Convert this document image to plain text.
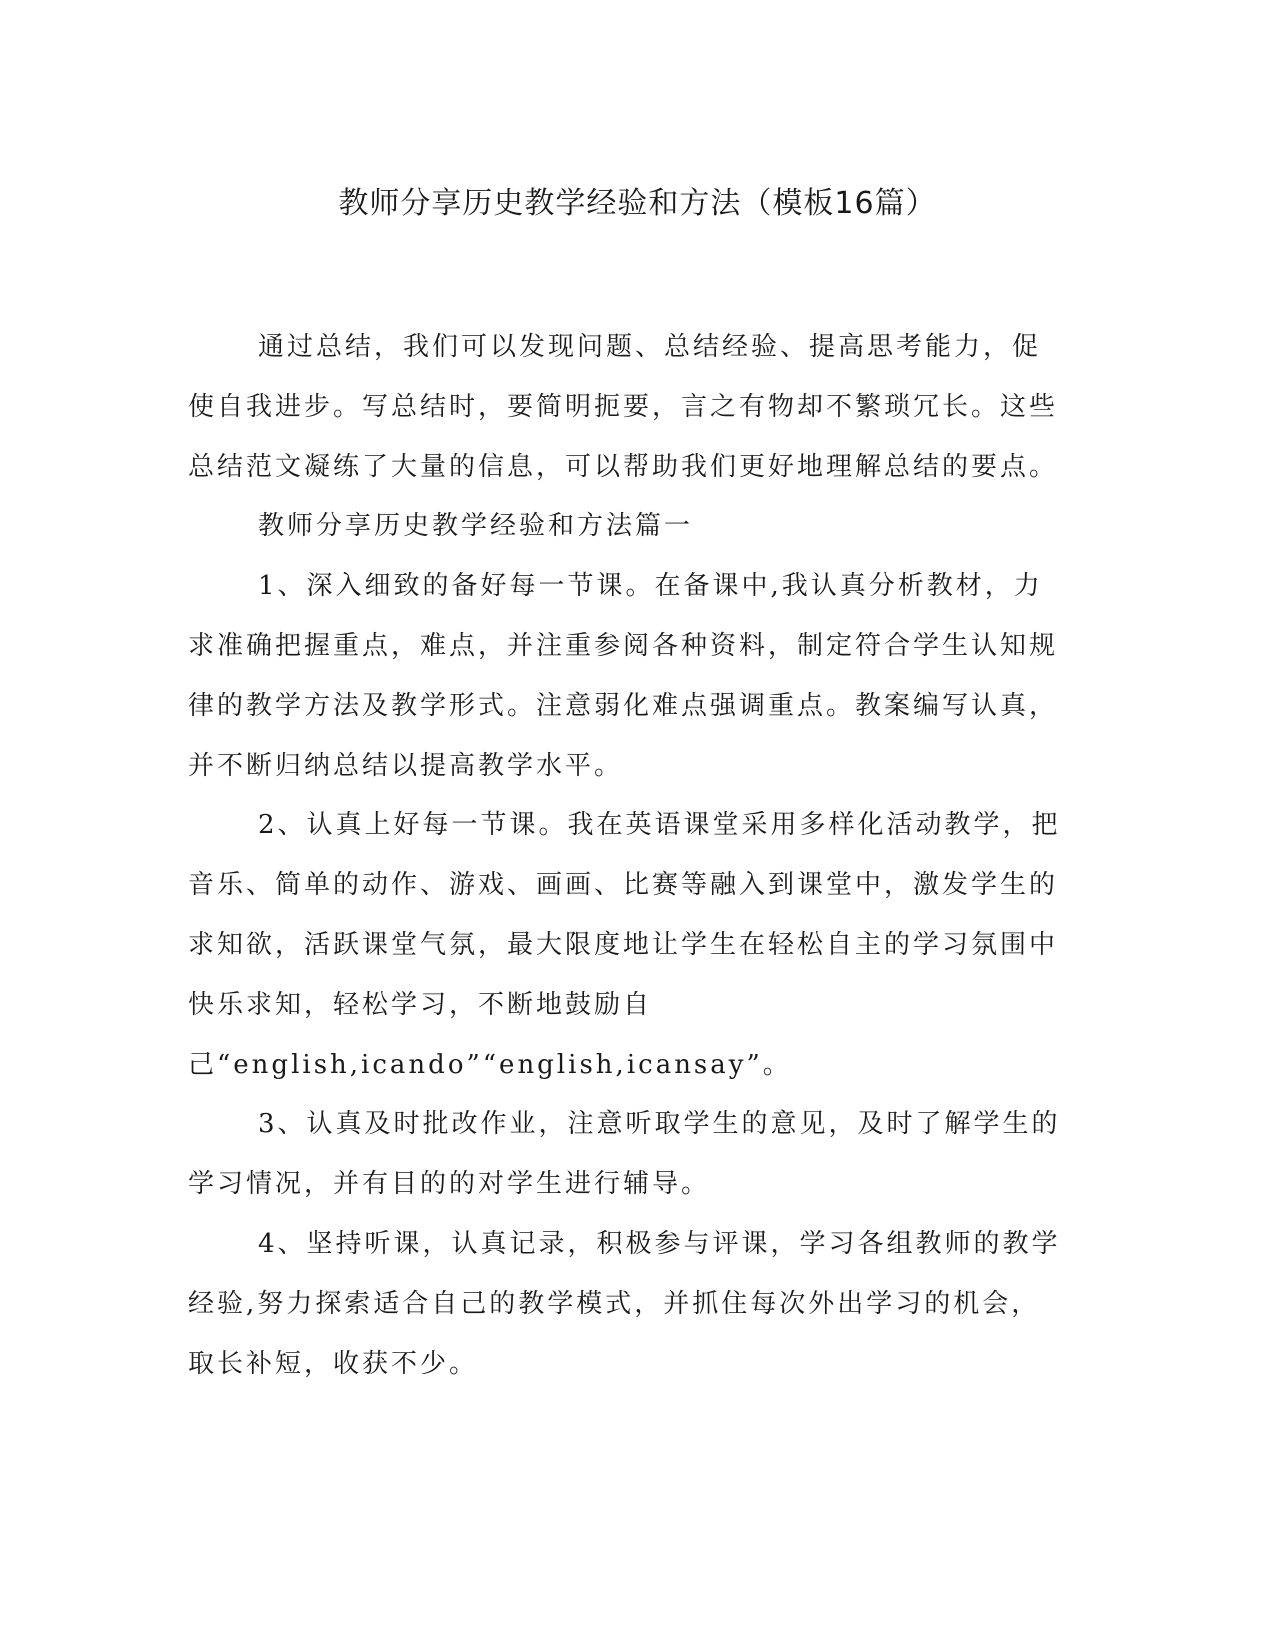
教师分享历史教学经验和方法（模板16篇）

通过总结，我们可以发现问题、总结经验、提高思考能力，促使自我进步。写总结时，要简明扼要，言之有物却不繁琐冗长。这些总结范文凝练了大量的信息，可以帮助我们更好地理解总结的要点。

教师分享历史教学经验和方法篇一

1、深入细致的备好每一节课。在备课中,我认真分析教材，力求准确把握重点，难点，并注重参阅各种资料，制定符合学生认知规律的教学方法及教学形式。注意弱化难点强调重点。教案编写认真，并不断归纳总结以提高教学水平。

2、认真上好每一节课。我在英语课堂采用多样化活动教学，把音乐、简单的动作、游戏、画画、比赛等融入到课堂中，激发学生的求知欲，活跃课堂气氛，最大限度地让学生在轻松自主的学习氛围中快乐求知，轻松学习，不断地鼓励自己“english,icando”“english,icansay”。

3、认真及时批改作业，注意听取学生的意见，及时了解学生的学习情况，并有目的的对学生进行辅导。

4、坚持听课，认真记录，积极参与评课，学习各组教师的教学经验,努力探索适合自己的教学模式，并抓住每次外出学习的机会，取长补短，收获不少。
